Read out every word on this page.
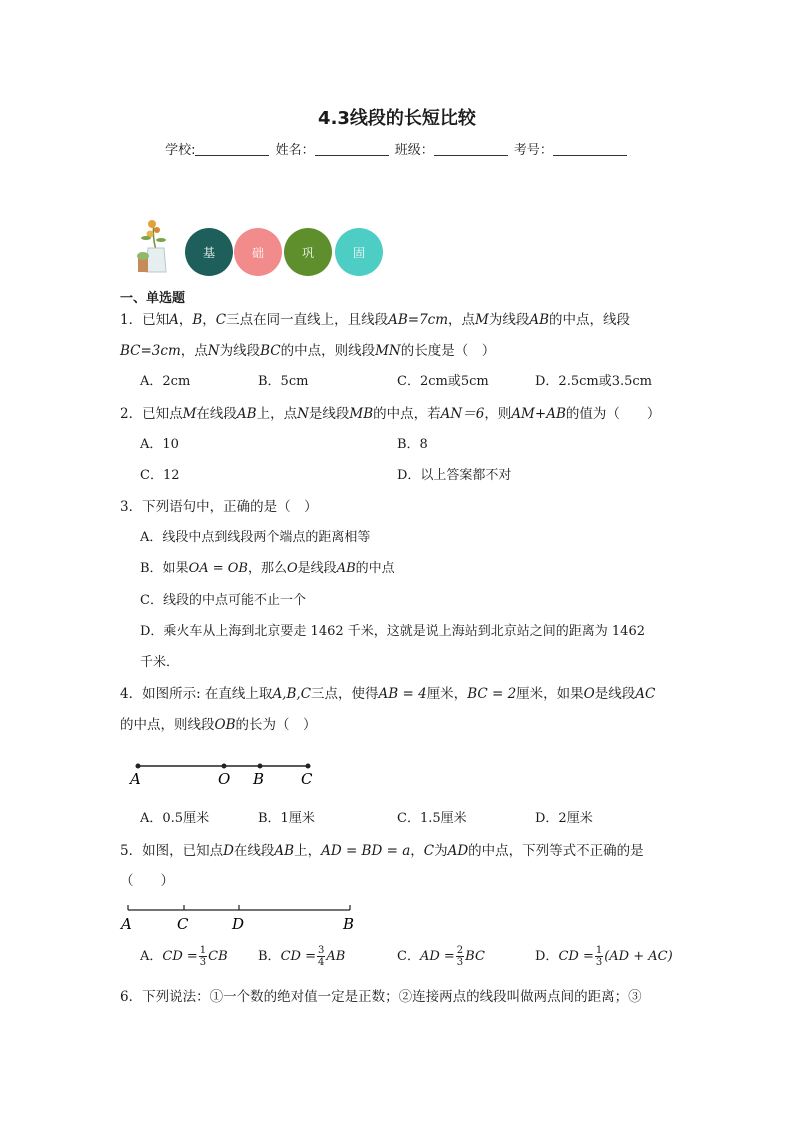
4.3线段的长短比较
学校:	姓名：	班级：	考号：
基	础	巩	固
一、单选题
1．已知A，B，C三点在同一直线上，且线段AB=7cm，点M为线段AB的中点，线段
BC=3cm，点N为线段BC的中点，则线段MN的长度是（　）
A．2cm	B．5cm	C．2cm或5cm	D．2.5cm或3.5cm
2．已知点M在线段AB上，点N是线段MB的中点，若AN＝6，则AM+AB的值为（　　）
A．10	B．8
C．12	D．以上答案都不对
3．下列语句中，正确的是（　）
A．线段中点到线段两个端点的距离相等
B．如果OA = OB，那么O是线段AB的中点
C．线段的中点可能不止一个
D．乘火车从上海到北京要走 1462 千米，这就是说上海站到北京站之间的距离为 1462
千米．
4．如图所示: 在直线上取A,B,C三点，使得AB = 4厘米，BC = 2厘米，如果O是线段AC
的中点，则线段OB的长为（　）
A	O B C
A．0.5厘米	B．1厘米	C．1.5厘米	D．2厘米
5．如图，已知点D在线段AB上，AD = BD = a，C为AD的中点，下列等式不正确的是
（　　）
A	C	D	B
A．CD = $\frac{1}{3}$ CB B．CD = $\frac{3}{4}$ AB	C．AD = $\frac{2}{3}$ BC	D．CD = $\frac{1}{3} (AD + AC)$
6．下列说法：①一个数的绝对值一定是正数；②连接两点的线段叫做两点间的距离；③
